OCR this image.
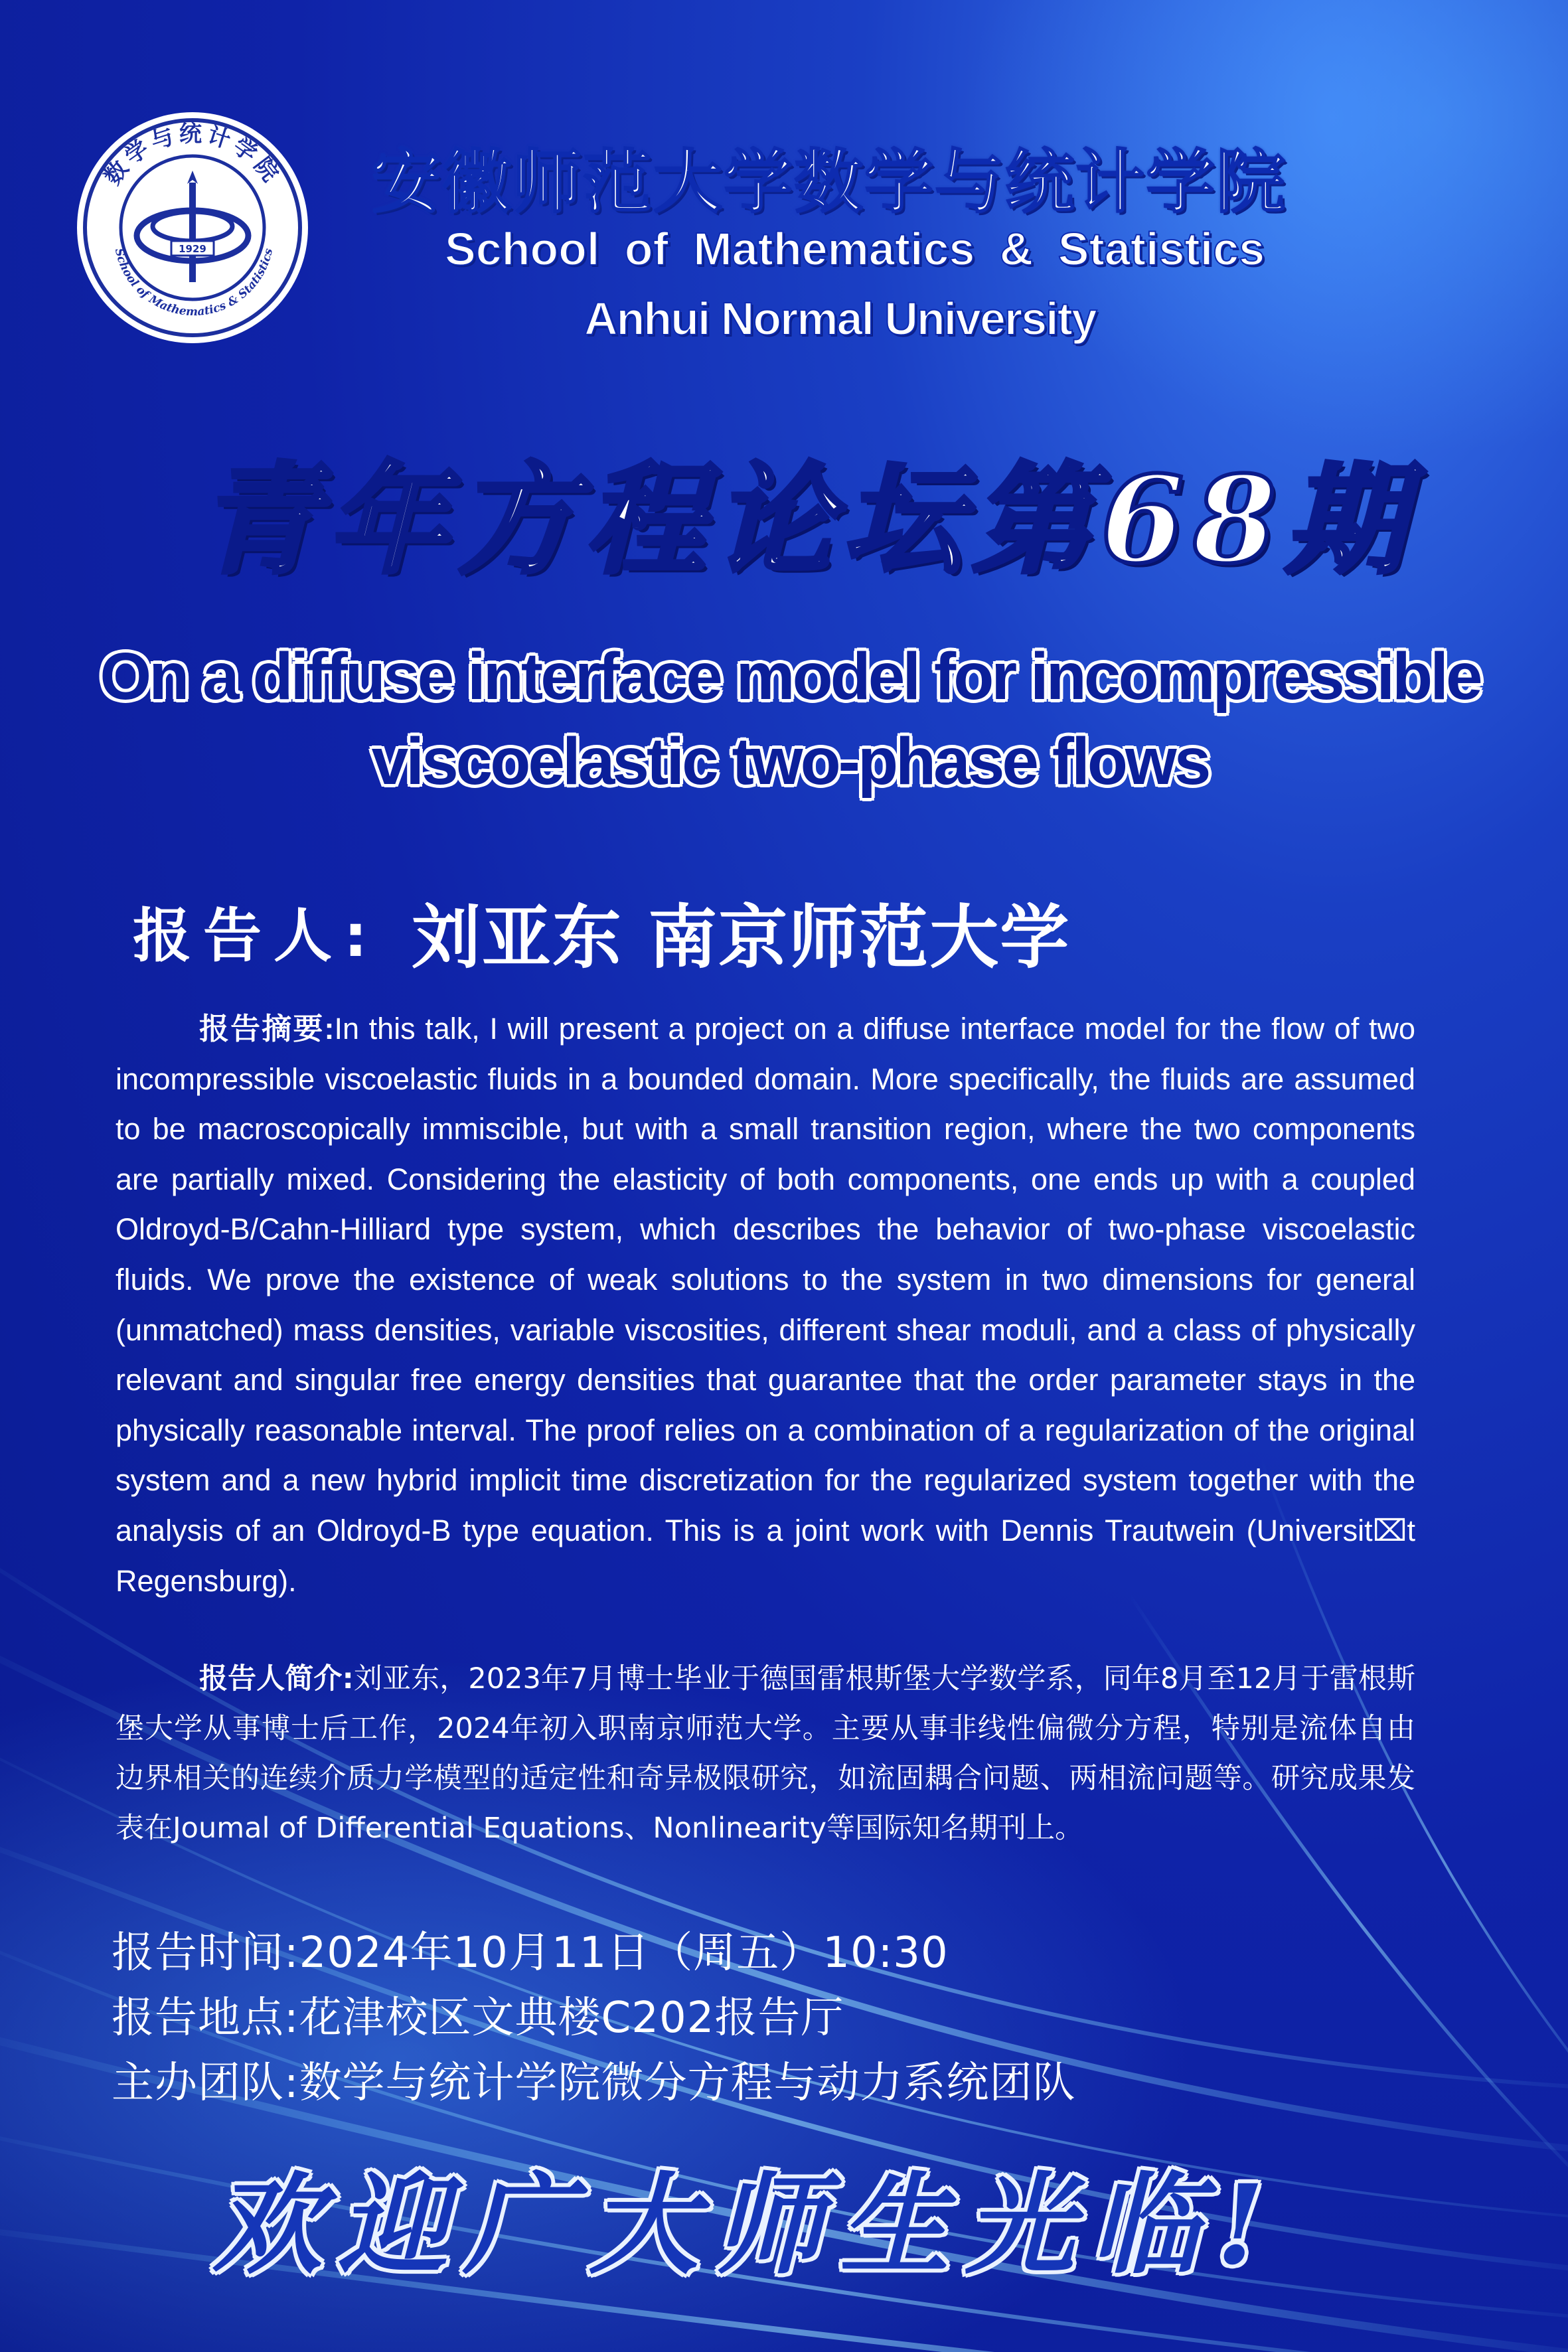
数学与统计学院
School of Mathematics & Statistics
1929
安徽师范大学数学与统计学院
School of Mathematics & Statistics
Anhui Normal University
青年方程论坛第68期
On a diffuse interface model for incompressible
viscoelastic two-phase flows
报告人: 刘亚东 南京师范大学
报告摘要:In this talk, I will present a project on a diffuse interface model for the flow of two incompressible viscoelastic fluids in a bounded domain. More specifically, the fluids are assumed to be macroscopically immiscible, but with a small transition region, where the two components are partially mixed. Considering the elasticity of both components, one ends up with a coupled Oldroyd-B/Cahn-Hilliard type system, which describes the behavior of two-phase viscoelastic fluids. We prove the existence of weak solutions to the system in two dimensions for general (unmatched) mass densities, variable viscosities, different shear moduli, and a class of physically relevant and singular free energy densities that guarantee that the order parameter stays in the physically reasonable interval. The proof relies on a combination of a regularization of the original system and a new hybrid implicit time discretization for the regularized system together with the analysis of an Oldroyd-B type equation. This is a joint work with Dennis Trautwein (Universit⌧t Regensburg).
报告人简介:刘亚东，2023年7月博士毕业于德国雷根斯堡大学数学系，同年8月至12月于雷根斯堡大学从事博士后工作，2024年初入职南京师范大学。主要从事非线性偏微分方程，特别是流体自由边界相关的连续介质力学模型的适定性和奇异极限研究，如流固耦合问题、两相流问题等。研究成果发表在Joumal of Differential Equations、Nonlinearity等国际知名期刊上。
报告时间:2024年10月11日（周五）10:30
报告地点:花津校区文典楼C202报告厅
主办团队:数学与统计学院微分方程与动力系统团队
欢迎广大师生光临!
